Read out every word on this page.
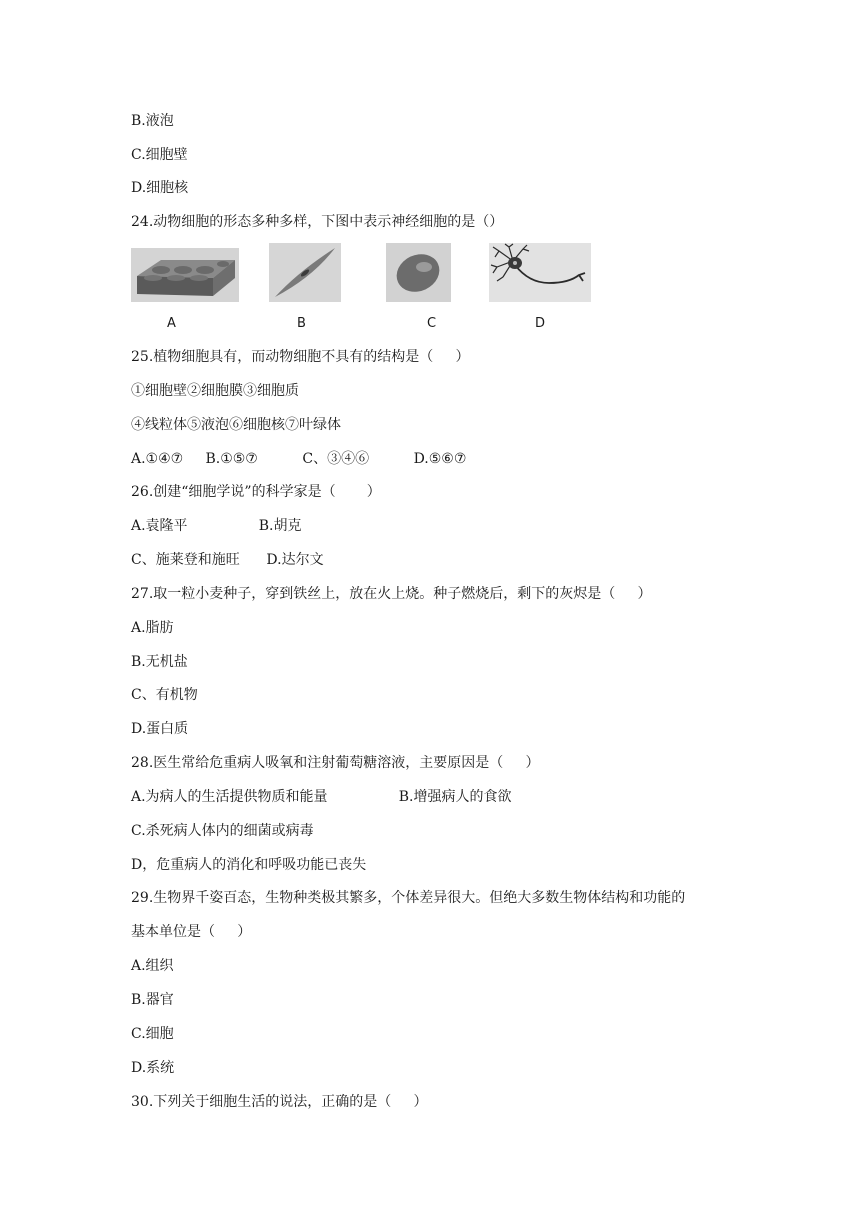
B.液泡
C.细胞壁
D.细胞核
24.动物细胞的形态多种多样，下图中表示神经细胞的是（）
A	B	C	D
25.植物细胞具有，而动物细胞不具有的结构是（     ）
①细胞壁②细胞膜③细胞质
④线粒体⑤液泡⑥细胞核⑦叶绿体
A.①④⑦     B.①⑤⑦          C、③④⑥          D.⑤⑥⑦
26.创建“细胞学说”的科学家是（       ）
A.袁隆平                B.胡克
C、施莱登和施旺      D.达尔文
27.取一粒小麦种子，穿到铁丝上，放在火上烧。种子燃烧后，剩下的灰烬是（     ）
A.脂肪
B.无机盐
C、有机物
D.蛋白质
28.医生常给危重病人吸氧和注射葡萄糖溶液，主要原因是（     ）
A.为病人的生活提供物质和能量                B.增强病人的食欲
C.杀死病人体内的细菌或病毒
D，危重病人的消化和呼吸功能已丧失
29.生物界千姿百态，生物种类极其繁多，个体差异很大。但绝大多数生物体结构和功能的
基本单位是（     ）
A.组织
B.器官
C.细胞
D.系统
30.下列关于细胞生活的说法，正确的是（     ）
